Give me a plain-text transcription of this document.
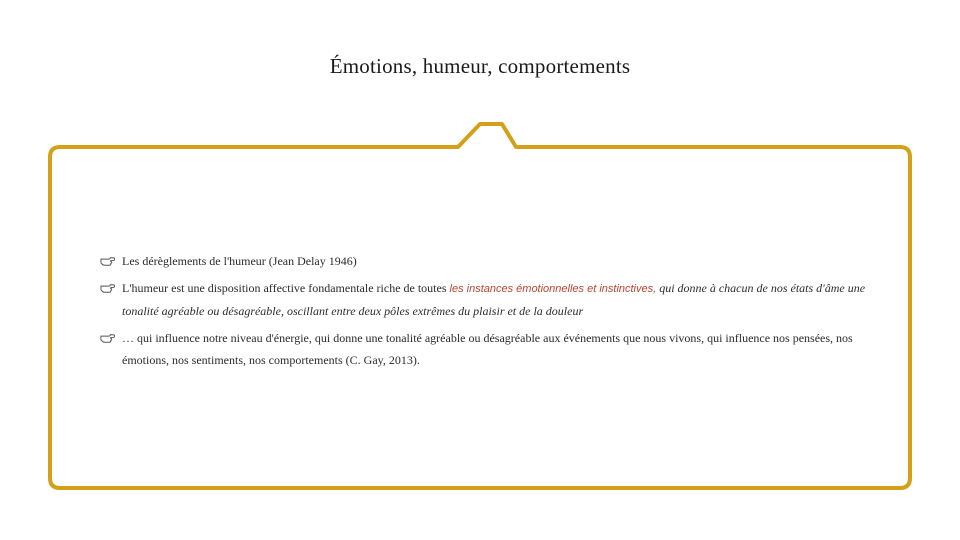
Émotions, humeur, comportements
Les dérèglements de l'humeur (Jean Delay 1946)
L'humeur est une disposition affective fondamentale riche de toutes les instances émotionnelles et instinctives, qui donne à chacun de nos états d'âme une tonalité agréable ou désagréable, oscillant entre deux pôles extrêmes du plaisir et de la douleur
… qui influence notre niveau d'énergie, qui donne une tonalité agréable ou désagréable aux événements que nous vivons, qui influence nos pensées, nos émotions, nos sentiments, nos comportements (C. Gay, 2013).
